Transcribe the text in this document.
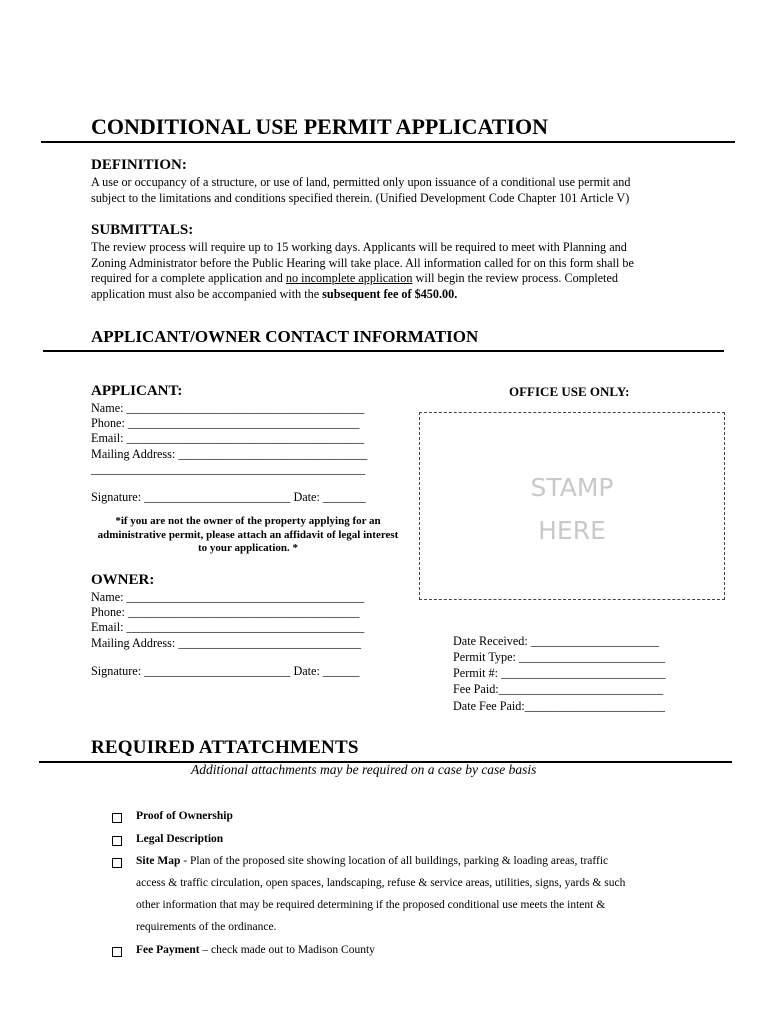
CONDITIONAL USE PERMIT APPLICATION
DEFINITION:
A use or occupancy of a structure, or use of land, permitted only upon issuance of a conditional use permit and
subject to the limitations and conditions specified therein. (Unified Development Code Chapter 101 Article V)
SUBMITTALS:
The review process will require up to 15 working days. Applicants will be required to meet with Planning and
Zoning Administrator before the Public Hearing will take place. All information called for on this form shall be
required for a complete application and no incomplete application will begin the review process. Completed
application must also be accompanied with the subsequent fee of $450.00.
APPLICANT/OWNER CONTACT INFORMATION
APPLICANT:
Name: _______________________________________
Phone: ______________________________________
Email: _______________________________________
Mailing Address: _______________________________
_____________________________________________
Signature: ________________________ Date: _______
*if you are not the owner of the property applying for an
administrative permit, please attach an affidavit of legal interest
to your application. *
OWNER:
Name: _______________________________________
Phone: ______________________________________
Email: _______________________________________
Mailing Address: ______________________________
Signature: ________________________ Date: ______
OFFICE USE ONLY:
STAMP
HERE
Date Received: _____________________
Permit Type: ________________________
Permit #: ___________________________
Fee Paid:___________________________
Date Fee Paid:_______________________
REQUIRED ATTATCHMENTS
Additional attachments may be required on a case by case basis
Proof of Ownership
Legal Description
Site Map - Plan of the proposed site showing location of all buildings, parking & loading areas, traffic
access & traffic circulation, open spaces, landscaping, refuse & service areas, utilities, signs, yards & such
other information that may be required determining if the proposed conditional use meets the intent &
requirements of the ordinance.
Fee Payment – check made out to Madison County
